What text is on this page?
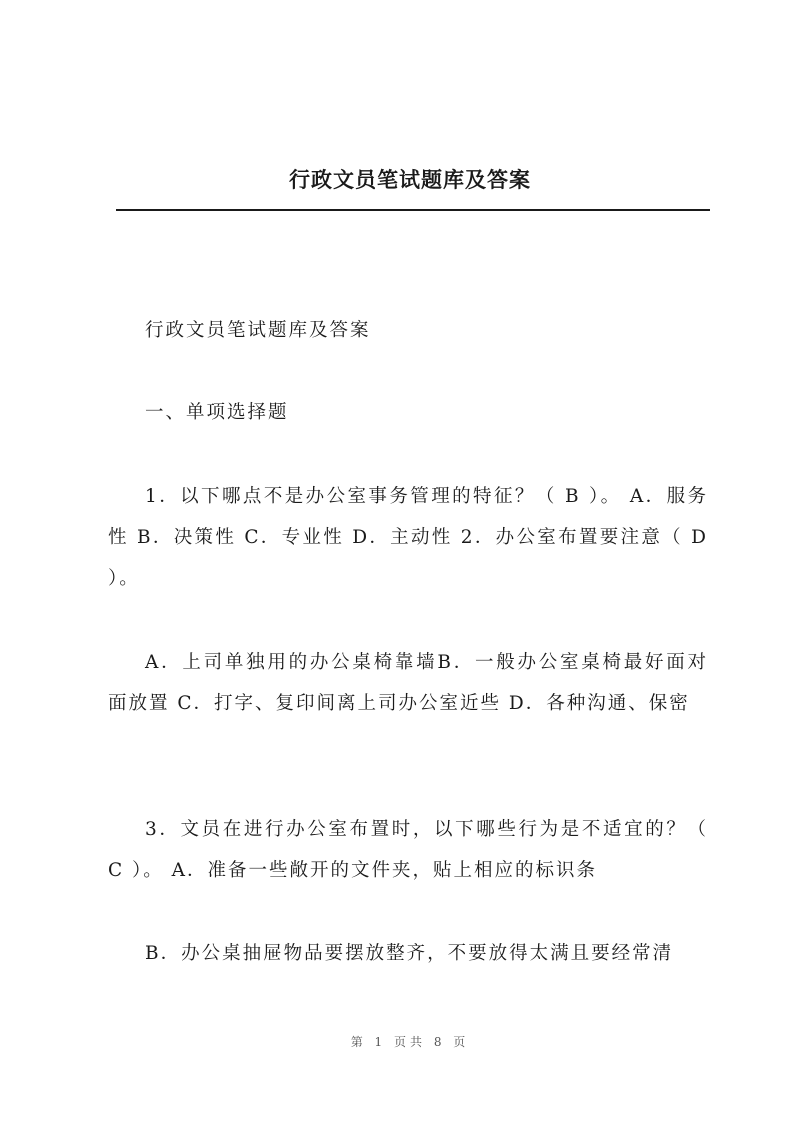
行政文员笔试题库及答案

行政文员笔试题库及答案

一、单项选择题

1．以下哪点不是办公室事务管理的特征？（ B ）。 A．服务性 B．决策性 C．专业性 D．主动性 2．办公室布置要注意（ D ）。

A．上司单独用的办公桌椅靠墙B．一般办公室桌椅最好面对面放置 C．打字、复印间离上司办公室近些 D．各种沟通、保密

3．文员在进行办公室布置时，以下哪些行为是不适宜的？（ C ）。 A．准备一些敞开的文件夹，贴上相应的标识条

B．办公桌抽屉物品要摆放整齐，不要放得太满且要经常清

第 1 页共 8 页
